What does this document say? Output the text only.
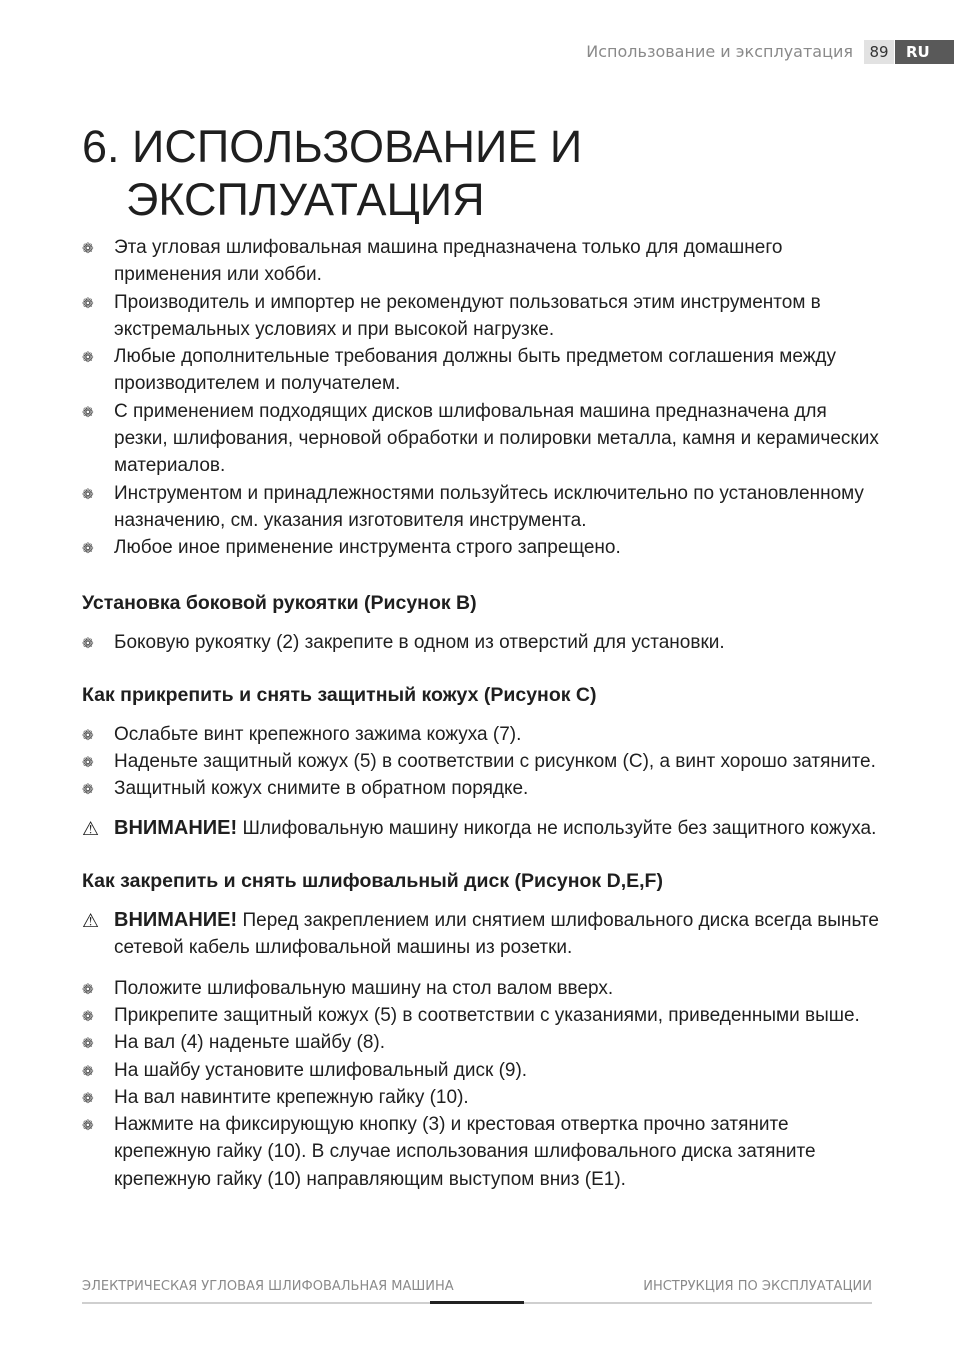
Использование и эксплуатация	89	RU
6. ИСПОЛЬЗОВАНИЕ И
ЭКСПЛУАТАЦИЯ
❁ Эта угловая шлифовальная машина предназначена только для домашнего применения или хобби.
❁ Производитель и импортер не рекомендуют пользоваться этим инструментом в экстремальных условиях и при высокой нагрузке.
❁ Любые дополнительные требования должны быть предметом соглашения между производителем и получателем.
❁ С применением подходящих дисков шлифовальная машина предназначена для резки, шлифования, черновой обработки и полировки металла, камня и керамических материалов.
❁ Инструментом и принадлежностями пользуйтесь исключительно по установленному назначению, см. указания изготовителя инструмента.
❁ Любое иное применение инструмента строго запрещено.
Установка боковой рукоятки (Рисунок B)
❁ Боковую рукоятку (2) закрепите в одном из отверстий для установки.
Как прикрепить и снять защитный кожух (Рисунок C)
❁ Ослабьте винт крепежного зажима кожуха (7).
❁ Наденьте защитный кожух (5) в соответствии с рисунком (C), а винт хорошо затяните.
❁ Защитный кожух снимите в обратном порядке.
⚠ ВНИМАНИЕ! Шлифовальную машину никогда не используйте без защитного кожуха.
Как закрепить и снять шлифовальный диск (Рисунок D,E,F)
⚠ ВНИМАНИЕ! Перед закреплением или снятием шлифовального диска всегда выньте сетевой кабель шлифовальной машины из розетки.
❁ Положите шлифовальную машину на стол валом вверх.
❁ Прикрепите защитный кожух (5) в соответствии с указаниями, приведенными выше.
❁ На вал (4) наденьте шайбу (8).
❁ На шайбу установите шлифовальный диск (9).
❁ На вал навинтите крепежную гайку (10).
❁ Нажмите на фиксирующую кнопку (3) и крестовая отвертка прочно затяните крепежную гайку (10). В случае использования шлифовального диска затяните крепежную гайку (10) направляющим выступом вниз (E1).
ЭЛЕКТРИЧЕСКАЯ УГЛОВАЯ ШЛИФОВАЛЬНАЯ МАШИНА	ИНСТРУКЦИЯ ПО ЭКСПЛУАТАЦИИ
